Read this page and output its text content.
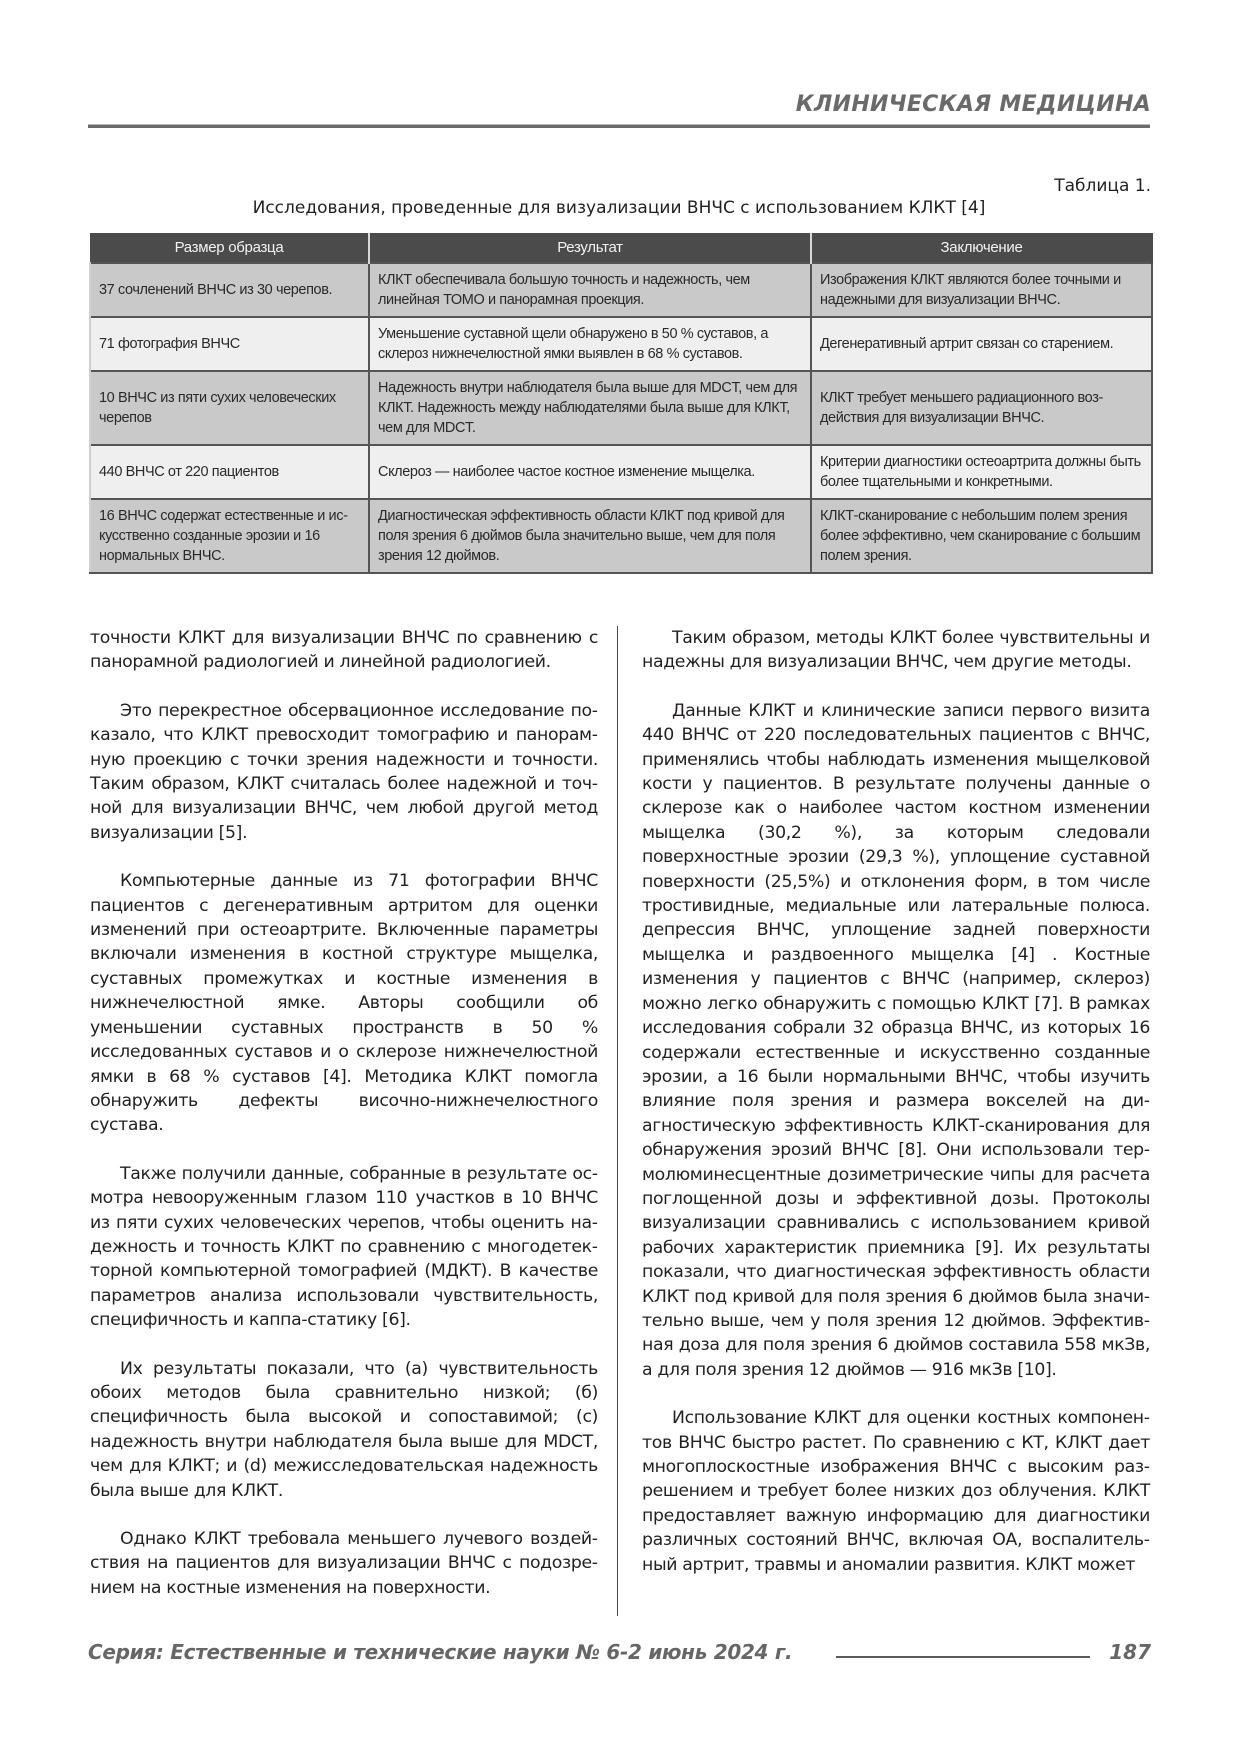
КЛИНИЧЕСКАЯ МЕДИЦИНА
Таблица 1.
Исследования, проведенные для визуализации ВНЧС с использованием КЛКТ [4]
Размер образца	Результат	Заключение
37 сочленений ВНЧС из 30 черепов.	КЛКТ обеспечивала большую точность и надежность, чем линейная ТОМО и панорамная проекция.	Изображения КЛКТ являются более точными и надежными для визуализации ВНЧС.
71 фотография ВНЧС	Уменьшение суставной щели обнаружено в 50 % суставов, а склероз нижнечелюстной ямки выявлен в 68 % суставов.	Дегенеративный артрит связан со старением.
10 ВНЧС из пяти сухих человеческих черепов	Надежность внутри наблюдателя была выше для MDCT, чем для КЛКТ. Надежность между наблюдателями была выше для КЛКТ, чем для MDCT.	КЛКТ требует меньшего радиационного воздействия для визуализации ВНЧС.
440 ВНЧС от 220 пациентов	Склероз — наиболее частое костное изменение мыщелка.	Критерии диагностики остеоартрита должны быть более тщательными и конкретными.
16 ВНЧС содержат естественные и искусственно созданные эрозии и 16 нормальных ВНЧС.	Диагностическая эффективность области КЛКТ под кривой для поля зрения 6 дюймов была значительно выше, чем для поля зрения 12 дюймов.	КЛКТ-сканирование с небольшим полем зрения более эффективно, чем сканирование с большим полем зрения.

точности КЛКТ для визуализации ВНЧС по сравнению с панорамной радиологией и линейной радиологией.

Это перекрестное обсервационное исследование показало, что КЛКТ превосходит томографию и панорамную проекцию с точки зрения надежности и точности. Таким образом, КЛКТ считалась более надежной и точной для визуализации ВНЧС, чем любой другой метод визуализации [5].

Компьютерные данные из 71 фотографии ВНЧС пациентов с дегенеративным артритом для оценки изменений при остеоартрите. Включенные параметры включали изменения в костной структуре мыщелка, суставных промежутках и костные изменения в нижнечелюстной ямке. Авторы сообщили об уменьшении суставных пространств в 50 % исследованных суставов и о склерозе нижнечелюстной ямки в 68 % суставов [4]. Методика КЛКТ помогла обнаружить дефекты височно-нижнечелюстного сустава.

Также получили данные, собранные в результате осмотра невооруженным глазом 110 участков в 10 ВНЧС из пяти сухих человеческих черепов, чтобы оценить надежность и точность КЛКТ по сравнению с многодетекторной компьютерной томографией (МДКТ). В качестве параметров анализа использовали чувствительность, специфичность и каппа-статику [6].

Их результаты показали, что (а) чувствительность обоих методов была сравнительно низкой; (б) специфичность была высокой и сопоставимой; (с) надежность внутри наблюдателя была выше для MDCT, чем для КЛКТ; и (d) межисследовательская надежность была выше для КЛКТ.

Однако КЛКТ требовала меньшего лучевого воздействия на пациентов для визуализации ВНЧС с подозрением на костные изменения на поверхности.

Таким образом, методы КЛКТ более чувствительны и надежны для визуализации ВНЧС, чем другие методы.

Данные КЛКТ и клинические записи первого визита 440 ВНЧС от 220 последовательных пациентов с ВНЧС, применялись чтобы наблюдать изменения мыщелковой кости у пациентов. В результате получены данные о склерозе как о наиболее частом костном изменении мыщелка (30,2 %), за которым следовали поверхностные эрозии (29,3 %), уплощение суставной поверхности (25,5%) и отклонения форм, в том числе тростивидные, медиальные или латеральные полюса. депрессия ВНЧС, уплощение задней поверхности мыщелка и раздвоенного мыщелка [4] . Костные изменения у пациентов с ВНЧС (например, склероз) можно легко обнаружить с помощью КЛКТ [7]. В рамках исследования собрали 32 образца ВНЧС, из которых 16 содержали естественные и искусственно созданные эрозии, а 16 были нормальными ВНЧС, чтобы изучить влияние поля зрения и размера вокселей на диагностическую эффективность КЛКТ-сканирования для обнаружения эрозий ВНЧС [8]. Они использовали термолюминесцентные дозиметрические чипы для расчета поглощенной дозы и эффективной дозы. Протоколы визуализации сравнивались с использованием кривой рабочих характеристик приемника [9]. Их результаты показали, что диагностическая эффективность области КЛКТ под кривой для поля зрения 6 дюймов была значительно выше, чем у поля зрения 12 дюймов. Эффективная доза для поля зрения 6 дюймов составила 558 мкЗв, а для поля зрения 12 дюймов — 916 мкЗв [10].

Использование КЛКТ для оценки костных компонентов ВНЧС быстро растет. По сравнению с КТ, КЛКТ дает многоплоскостные изображения ВНЧС с высоким разрешением и требует более низких доз облучения. КЛКТ предоставляет важную информацию для диагностики различных состояний ВНЧС, включая ОА, воспалительный артрит, травмы и аномалии развития. КЛКТ может

Серия: Естественные и технические науки № 6-2 июнь 2024 г.	187
